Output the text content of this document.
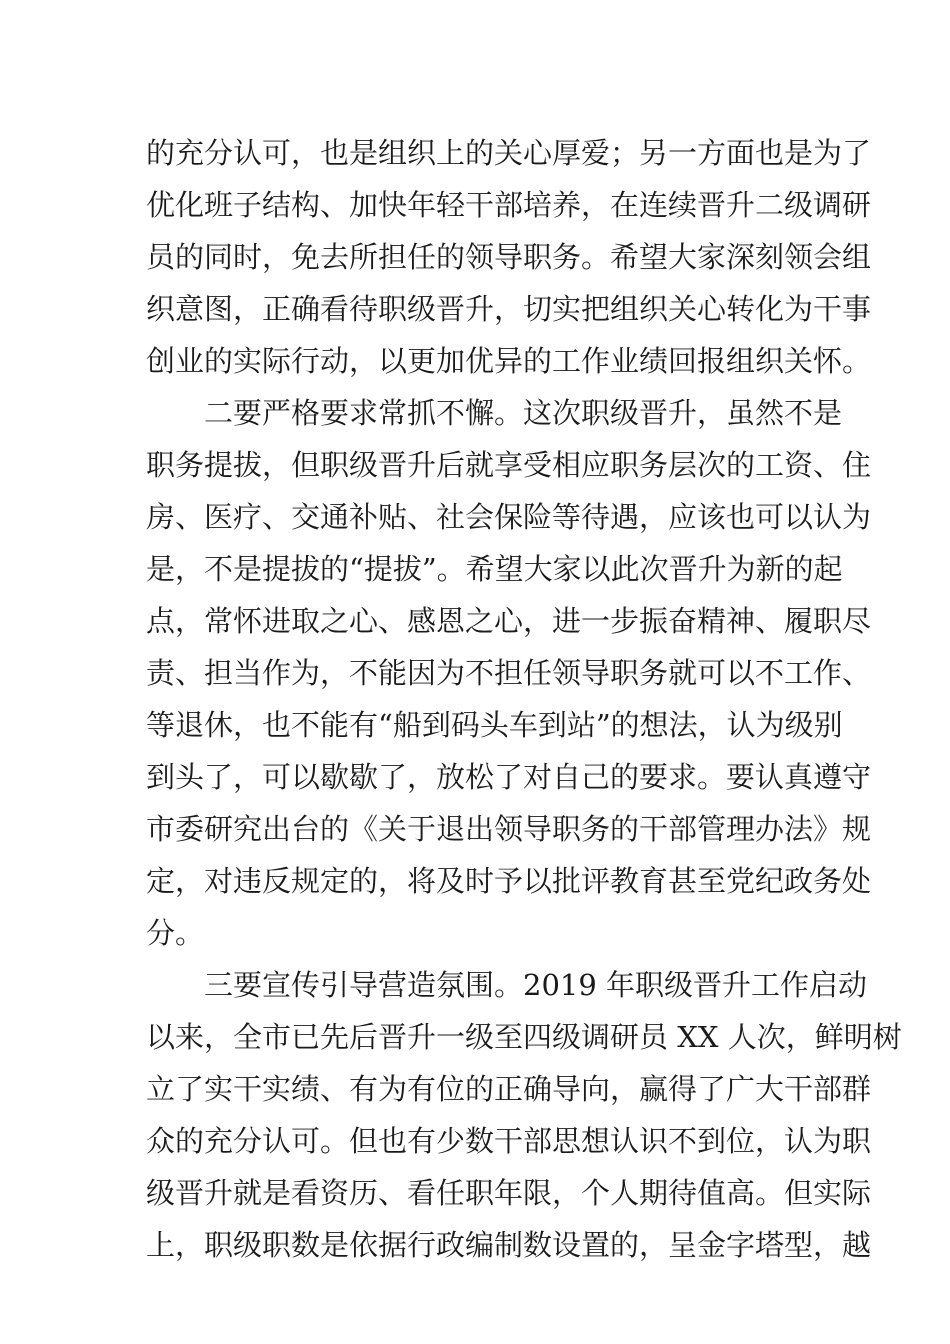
的充分认可，也是组织上的关心厚爱；另一方面也是为了
优化班子结构、加快年轻干部培养，在连续晋升二级调研
员的同时，免去所担任的领导职务。希望大家深刻领会组
织意图，正确看待职级晋升，切实把组织关心转化为干事
创业的实际行动，以更加优异的工作业绩回报组织关怀。
二要严格要求常抓不懈。这次职级晋升，虽然不是
职务提拔，但职级晋升后就享受相应职务层次的工资、住
房、医疗、交通补贴、社会保险等待遇，应该也可以认为
是，不是提拔的“提拔”。希望大家以此次晋升为新的起
点，常怀进取之心、感恩之心，进一步振奋精神、履职尽
责、担当作为，不能因为不担任领导职务就可以不工作、
等退休，也不能有“船到码头车到站”的想法，认为级别
到头了，可以歇歇了，放松了对自己的要求。要认真遵守
市委研究出台的《关于退出领导职务的干部管理办法》规
定，对违反规定的，将及时予以批评教育甚至党纪政务处
分。
三要宣传引导营造氛围。2019 年职级晋升工作启动
以来，全市已先后晋升一级至四级调研员 XX 人次，鲜明树
立了实干实绩、有为有位的正确导向，赢得了广大干部群
众的充分认可。但也有少数干部思想认识不到位，认为职
级晋升就是看资历、看任职年限，个人期待值高。但实际
上，职级职数是依据行政编制数设置的，呈金字塔型，越
